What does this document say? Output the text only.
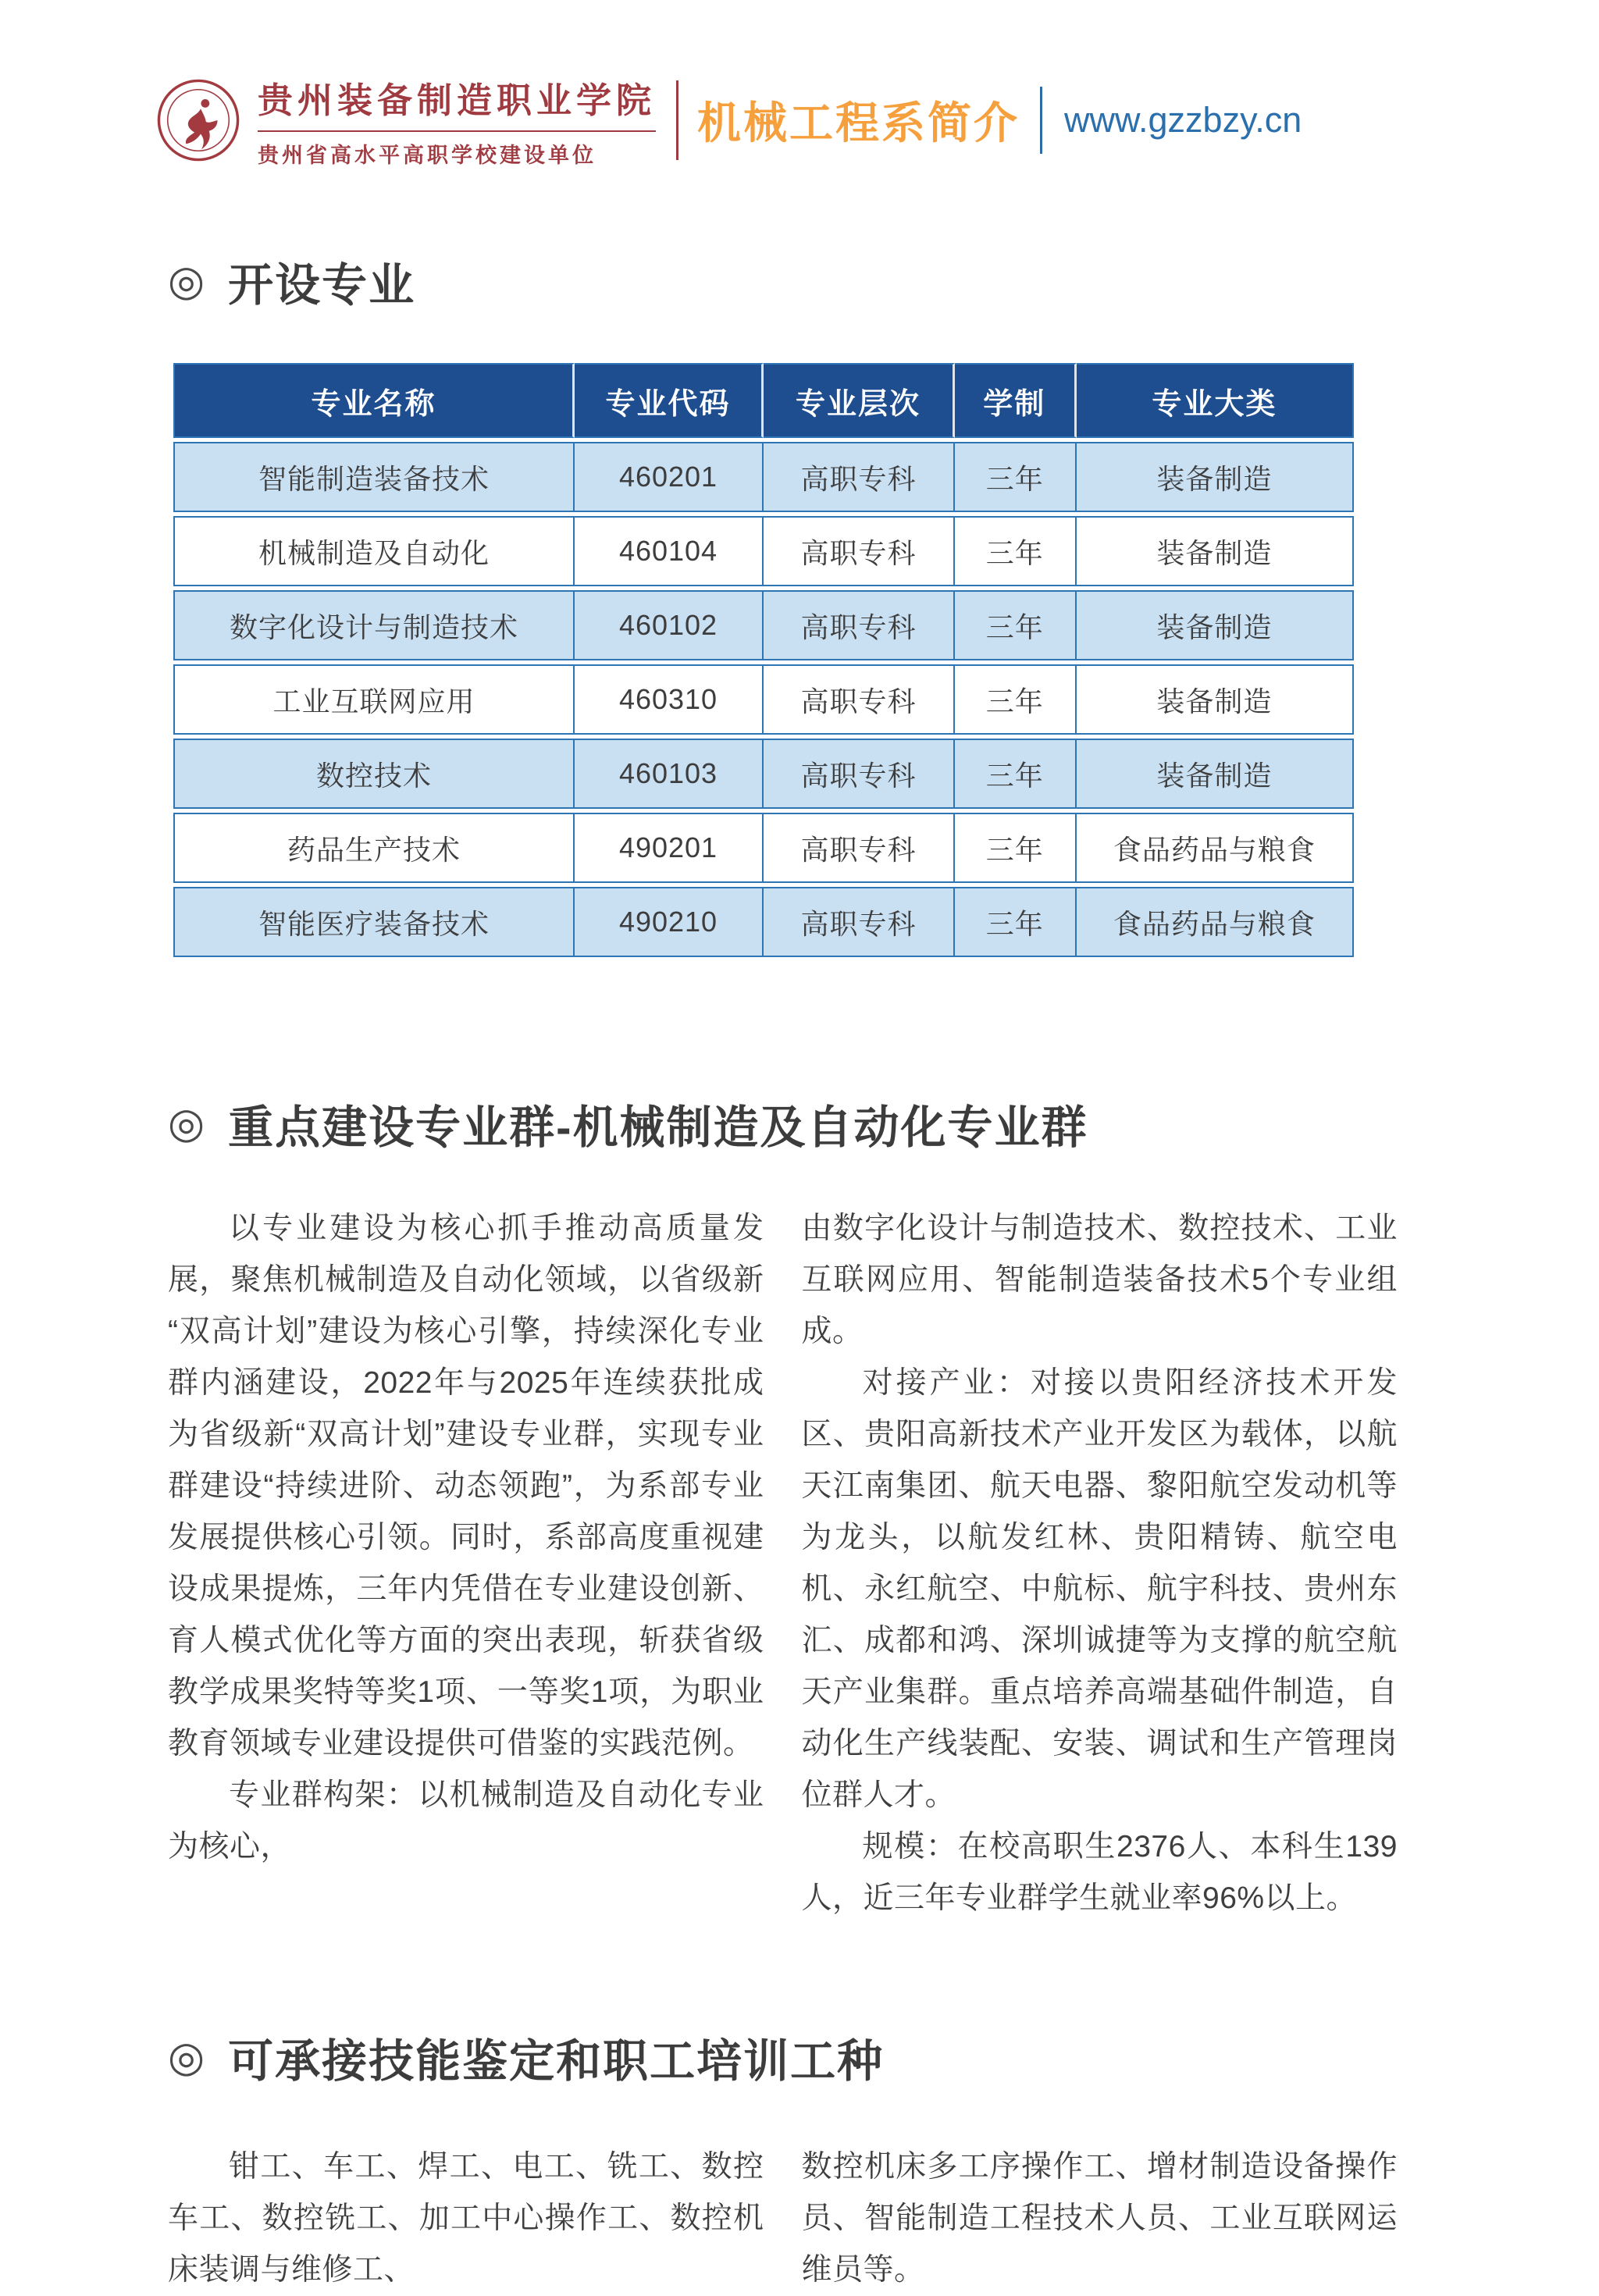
贵州装备制造职业学院
贵州省高水平高职学校建设单位
机械工程系简介 www.gzzbzy.cn
◎ 开设专业
专业名称	专业代码	专业层次	学制	专业大类
智能制造装备技术	460201	高职专科	三年	装备制造
机械制造及自动化	460104	高职专科	三年	装备制造
数字化设计与制造技术	460102	高职专科	三年	装备制造
工业互联网应用	460310	高职专科	三年	装备制造
数控技术	460103	高职专科	三年	装备制造
药品生产技术	490201	高职专科	三年	食品药品与粮食
智能医疗装备技术	490210	高职专科	三年	食品药品与粮食
◎ 重点建设专业群-机械制造及自动化专业群

以专业建设为核心抓手推动高质量发展，聚焦机械制造及自动化领域，以省级新“双高计划”建设为核心引擎，持续深化专业群内涵建设，2022年与2025年连续获批成为省级新“双高计划”建设专业群，实现专业群建设“持续进阶、动态领跑”，为系部专业发展提供核心引领。同时，系部高度重视建设成果提炼，三年内凭借在专业建设创新、育人模式优化等方面的突出表现，斩获省级教学成果奖特等奖1项、一等奖1项，为职业教育领域专业建设提供可借鉴的实践范例。

专业群构架：以机械制造及自动化专业为核心，

由数字化设计与制造技术、数控技术、工业互联网应用、智能制造装备技术5个专业组成。

对接产业：对接以贵阳经济技术开发区、贵阳高新技术产业开发区为载体，以航天江南集团、航天电器、黎阳航空发动机等为龙头，以航发红林、贵阳精铸、航空电机、永红航空、中航标、航宇科技、贵州东汇、成都和鸿、深圳诚捷等为支撑的航空航天产业集群。重点培养高端基础件制造，自动化生产线装配、安装、调试和生产管理岗位群人才。

规模：在校高职生2376人、本科生139人，近三年专业群学生就业率96%以上。

◎ 可承接技能鉴定和职工培训工种

钳工、车工、焊工、电工、铣工、数控车工、数控铣工、加工中心操作工、数控机床装调与维修工、

数控机床多工序操作工、增材制造设备操作员、智能制造工程技术人员、工业互联网运维员等。
